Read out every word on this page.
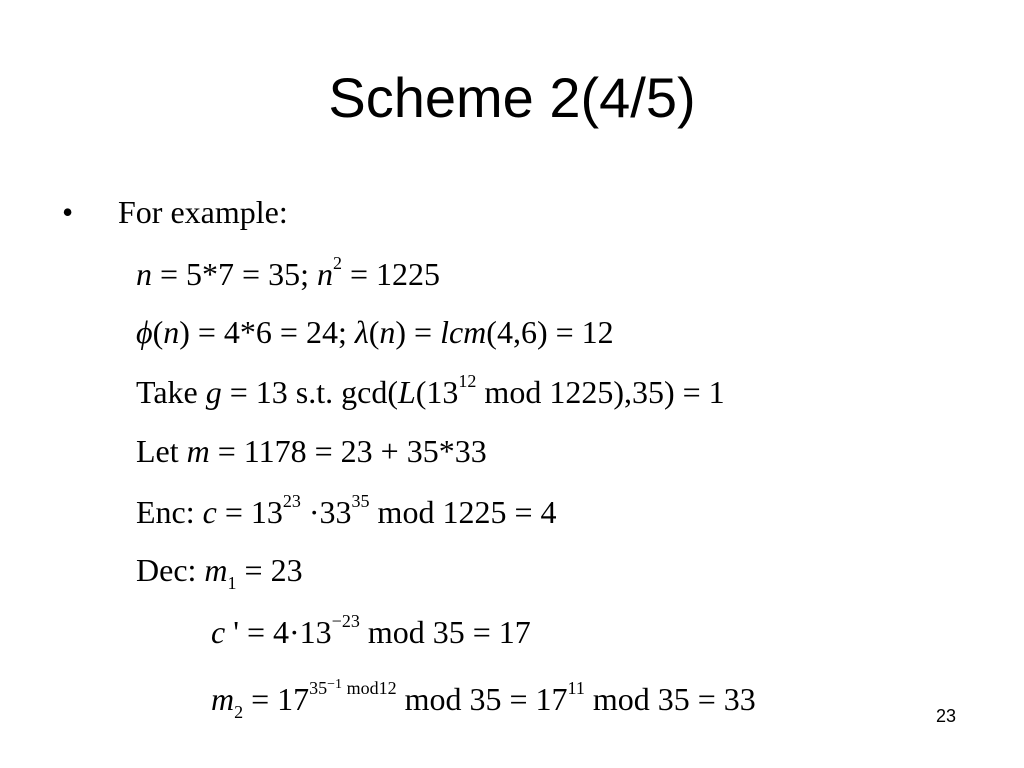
Scheme 2(4/5)
• For example:
n = 5*7 = 35; $n^2 = 1225$
ϕ(n) = 4*6 = 24; λ(n) = lcm(4,6) = 12
Take g = 13 s.t. $\gcd(L(13^{12}$ mod 1225),35) = 1
Let m = 1178 = 23 + 35*33
Enc: $c = 13^{23} \cdot 33^{35}$ mod 1225 = 4
Dec: $m_1 = 23$
c ' = $4\cdot 13^{-23}$ mod 35 = 17
$m_2 = 17^{35^{-1} mod12}$ mod $35 = 17^{11}$ mod 35 = 33	23
